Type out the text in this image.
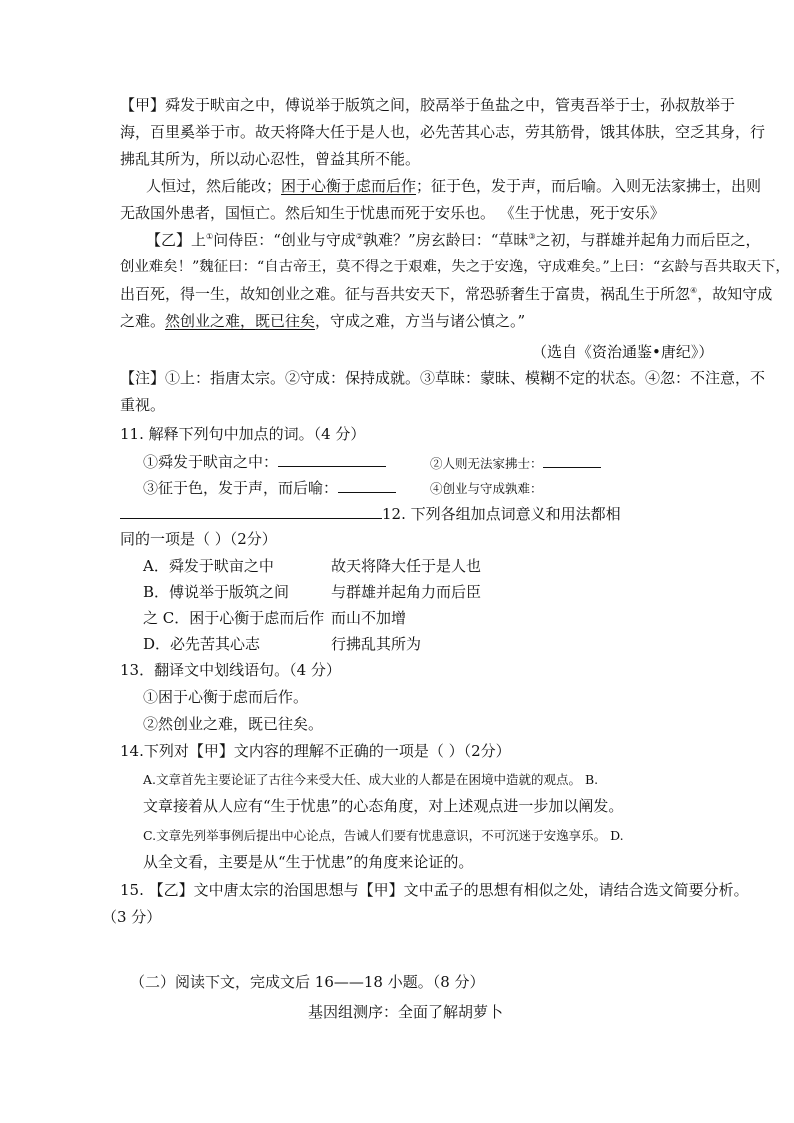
【甲】舜发于畎亩之中，傅说举于版筑之间，胶鬲举于鱼盐之中，管夷吾举于士，孙叔敖举于
海，百里奚举于市。故天将降大任于是人也，必先苦其心志，劳其筋骨，饿其体肤，空乏其身，行
拂乱其所为，所以动心忍性，曾益其所不能。
人恒过，然后能改；困于心衡于虑而后作；征于色，发于声，而后喻。入则无法家拂士，出则
无敌国外患者，国恒亡。然后知生于忧患而死于安乐也。 《生于忧患，死于安乐》
【乙】上①问侍臣：“创业与守成②孰难？”房玄龄曰：“草昧③之初，与群雄并起角力而后臣之，
创业难矣！”魏征曰：“自古帝王，莫不得之于艰难，失之于安逸，守成难矣。”上曰：“玄龄与吾共取天下，
出百死，得一生，故知创业之难。征与吾共安天下，常恐骄奢生于富贵，祸乱生于所忽④，故知守成
之难。然创业之难，既已往矣，守成之难，方当与诸公慎之。”
（选自《资治通鉴•唐纪》）
【注】①上：指唐太宗。②守成：保持成就。③草昧：蒙昧、模糊不定的状态。④忽：不注意，不
重视。
11. 解释下列句中加点的词。（4 分）
①舜发于畎亩之中：	②人则无法家拂士：
③征于色，发于声，而后喻：	④创业与守成孰难：
12. 下列各组加点词意义和用法都相
同的一项是（ ）（2分）
A．舜发于畎亩之中	故天将降大任于是人也
B．傅说举于版筑之间	与群雄并起角力而后臣
之 C．困于心衡于虑而后作 而山不加增
D．必先苦其心志	行拂乱其所为
13．翻译文中划线语句。（4 分）
①困于心衡于虑而后作。
②然创业之难，既已往矣。
14.下列对【甲】文内容的理解不正确的一项是（ ）（2分）
A.文章首先主要论证了古往今来受大任、成大业的人都是在困境中造就的观点。 B.
文章接着从人应有“生于忧患”的心态角度，对上述观点进一步加以阐发。
C.文章先列举事例后提出中心论点，告诫人们要有忧患意识，不可沉迷于安逸享乐。 D.
从全文看，主要是从“生于忧患”的角度来论证的。
15. 【乙】文中唐太宗的治国思想与【甲】文中孟子的思想有相似之处，请结合选文简要分析。
（3 分）
（二）阅读下文，完成文后 16——18 小题。（8 分）
基因组测序：全面了解胡萝卜
